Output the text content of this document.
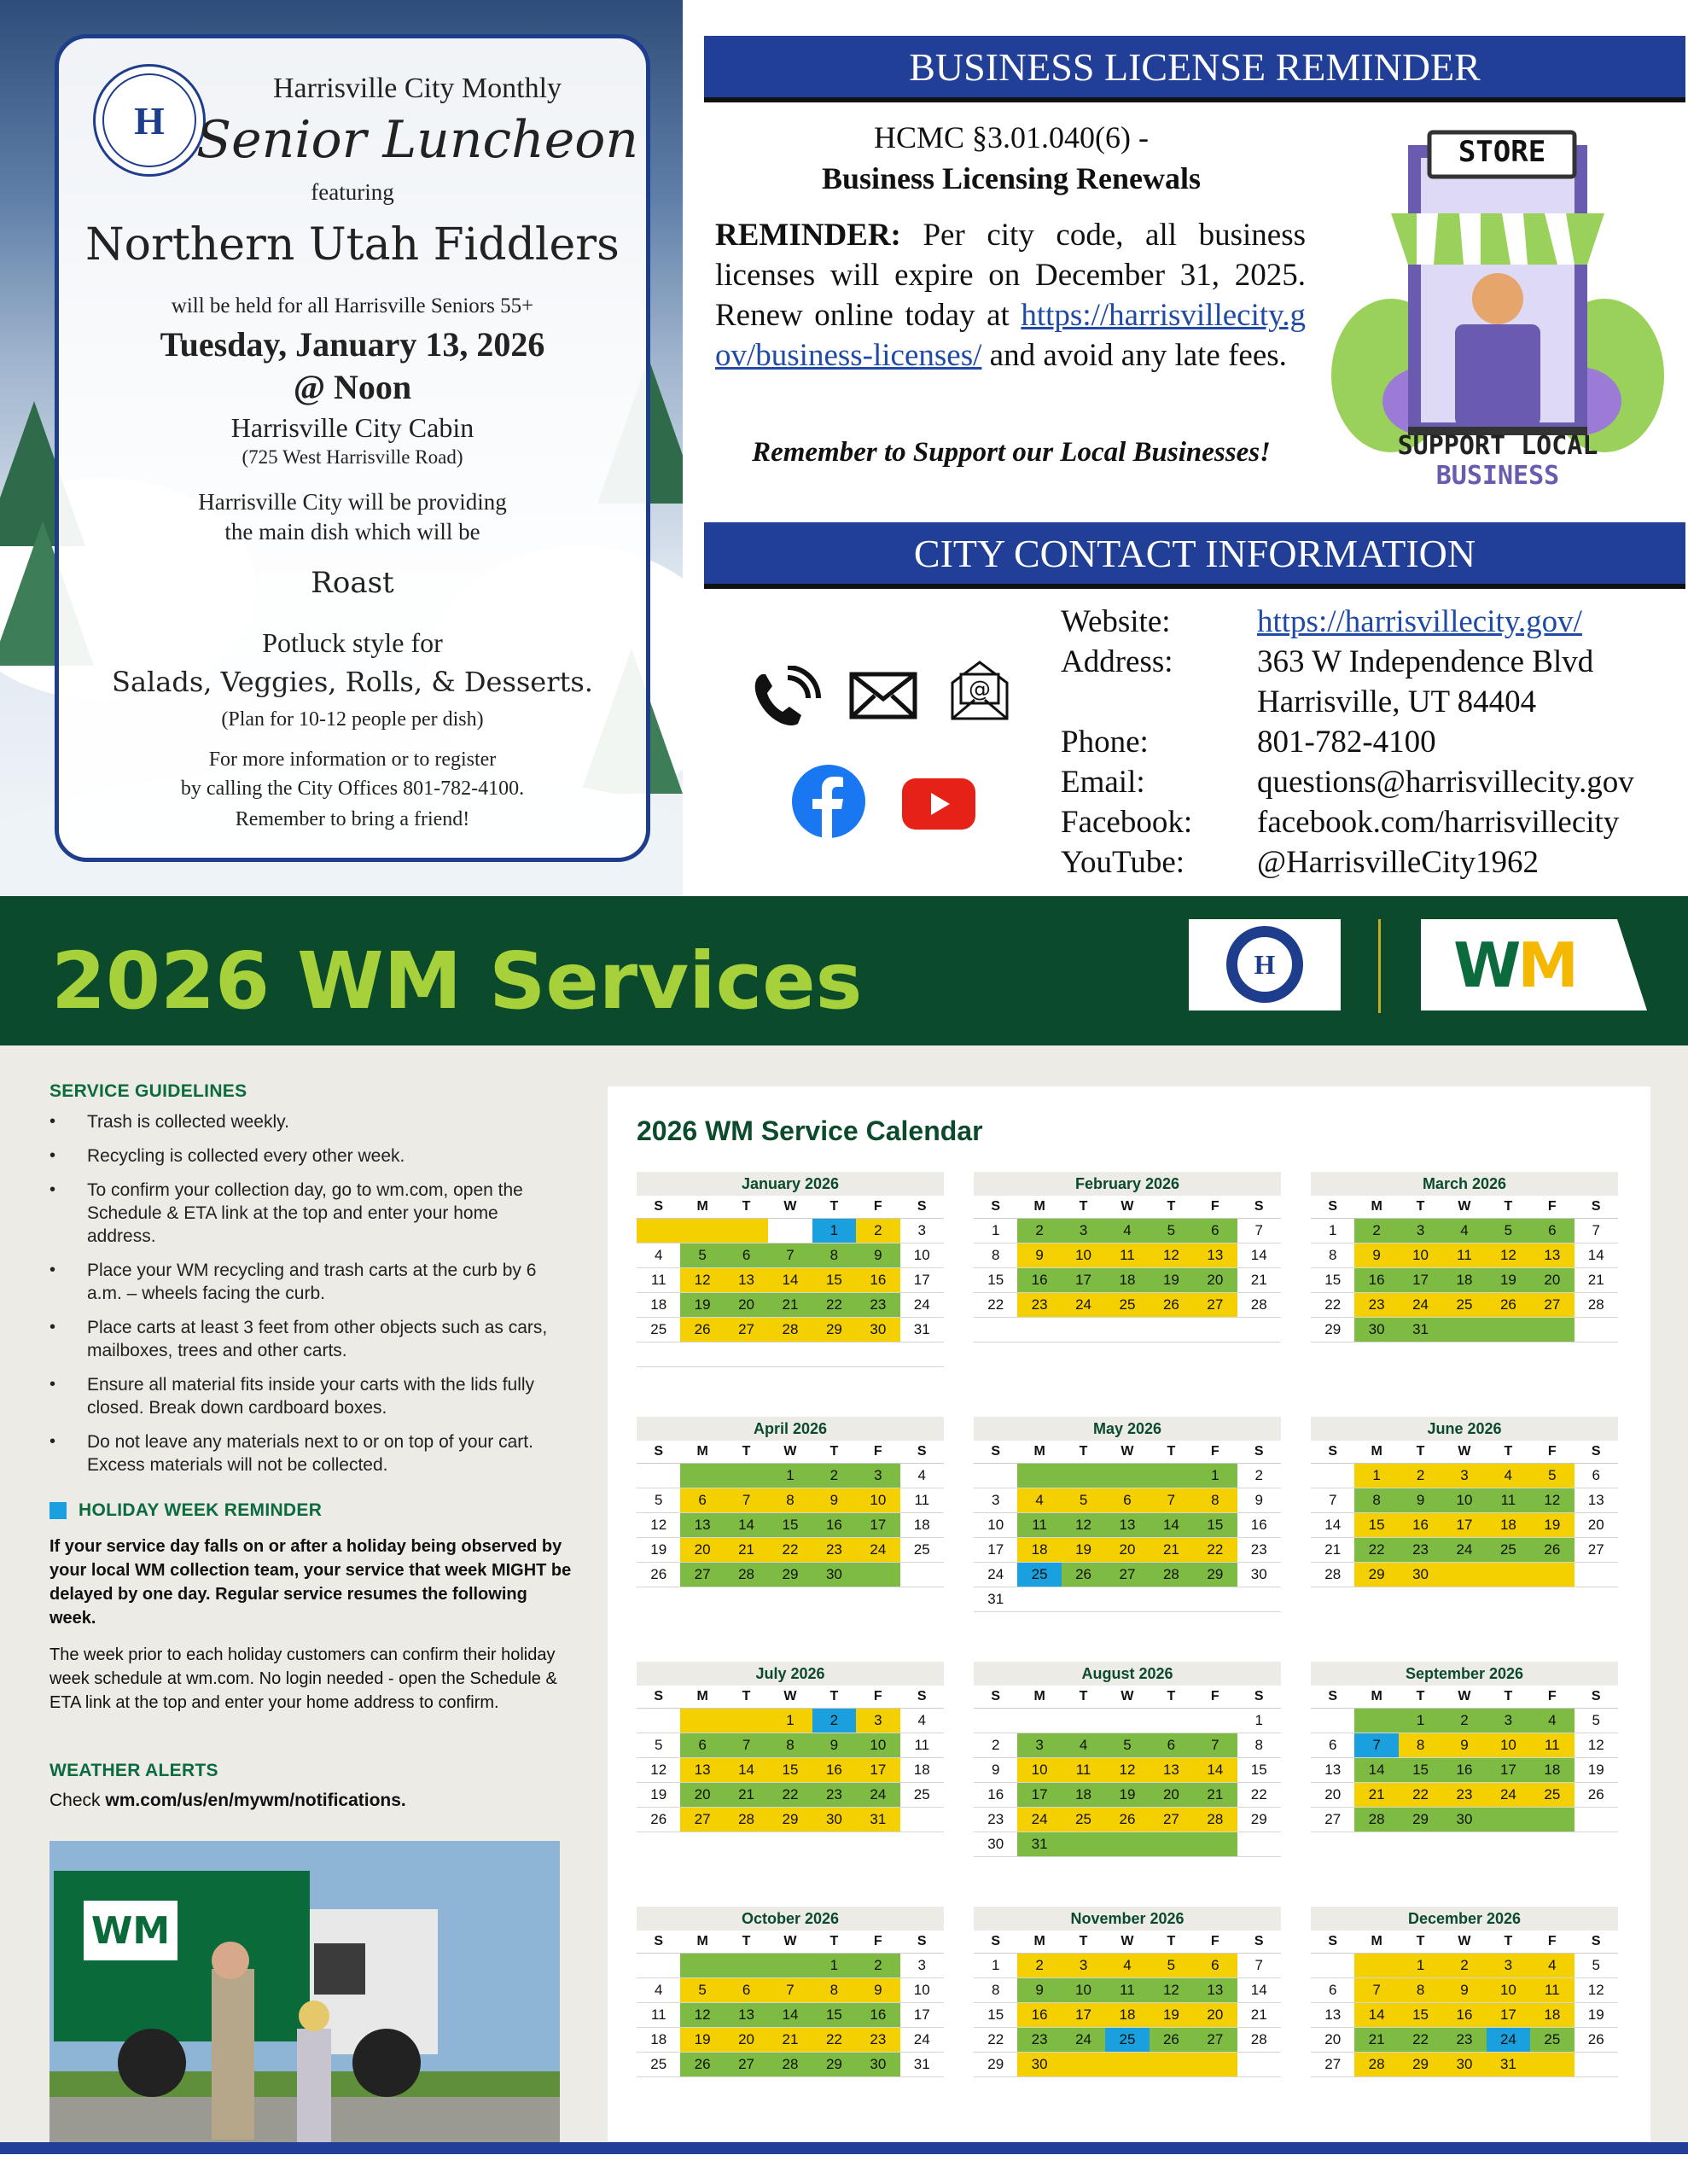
H
Harrisville City Monthly
Senior Luncheon
featuring
Northern Utah Fiddlers
will be held for all Harrisville Seniors 55+
Tuesday, January 13, 2026
@ Noon
Harrisville City Cabin
(725 West Harrisville Road)
Harrisville City will be providing
the main dish which will be
Roast
Potluck style for
Salads, Veggies, Rolls, & Desserts.
(Plan for 10-12 people per dish)
For more information or to register
by calling the City Offices 801-782-4100.
Remember to bring a friend!
BUSINESS LICENSE REMINDER
HCMC §3.01.040(6) -
Business Licensing Renewals
REMINDER: Per city code, all business licenses will expire on December 31, 2025. Renew online today at https://harrisvillecity.gov/business-licenses/ and avoid any late fees.
Remember to Support our Local Businesses!
STORE
SUPPORT LOCAL
BUSINESS
CITY CONTACT INFORMATION
@
Website:	https://harrisvillecity.gov/
Address:	363 W Independence Blvd
Harrisville, UT 84404
Phone:	801-782-4100
Email:	questions@harrisvillecity.gov
Facebook:	facebook.com/harrisvillecity
YouTube:	@HarrisvilleCity1962
2026 WM Services	H	WM
SERVICE GUIDELINES
• Trash is collected weekly.
• Recycling is collected every other week.
• To confirm your collection day, go to wm.com, open the Schedule & ETA link at the top and enter your home address.
• Place your WM recycling and trash carts at the curb by 6 a.m. – wheels facing the curb.
• Place carts at least 3 feet from other objects such as cars, mailboxes, trees and other carts.
• Ensure all material fits inside your carts with the lids fully closed. Break down cardboard boxes.
• Do not leave any materials next to or on top of your cart. Excess materials will not be collected.
HOLIDAY WEEK REMINDER
If your service day falls on or after a holiday being observed by your local WM collection team, your service that week MIGHT be delayed by one day. Regular service resumes the following week.
The week prior to each holiday customers can confirm their holiday week schedule at wm.com. No login needed - open the Schedule & ETA link at the top and enter your home address to confirm.
WEATHER ALERTS
Check wm.com/us/en/mywm/notifications.
WM
2026 WM Service Calendar
January 2026
S	M	T	W	T	F	S
				1	2	3
4	5	6	7	8	9	10
11	12	13	14	15	16	17
18	19	20	21	22	23	24
25	26	27	28	29	30	31

February 2026
S	M	T	W	T	F	S
1	2	3	4	5	6	7
8	9	10	11	12	13	14
15	16	17	18	19	20	21
22	23	24	25	26	27	28

March 2026
S	M	T	W	T	F	S
1	2	3	4	5	6	7
8	9	10	11	12	13	14
15	16	17	18	19	20	21
22	23	24	25	26	27	28
29	30	31				
April 2026
S	M	T	W	T	F	S
			1	2	3	4
5	6	7	8	9	10	11
12	13	14	15	16	17	18
19	20	21	22	23	24	25
26	27	28	29	30		
May 2026
S	M	T	W	T	F	S
					1	2
3	4	5	6	7	8	9
10	11	12	13	14	15	16
17	18	19	20	21	22	23
24	25	26	27	28	29	30
31						
June 2026
S	M	T	W	T	F	S
	1	2	3	4	5	6
7	8	9	10	11	12	13
14	15	16	17	18	19	20
21	22	23	24	25	26	27
28	29	30				
July 2026
S	M	T	W	T	F	S
			1	2	3	4
5	6	7	8	9	10	11
12	13	14	15	16	17	18
19	20	21	22	23	24	25
26	27	28	29	30	31	
August 2026
S	M	T	W	T	F	S
						1
2	3	4	5	6	7	8
9	10	11	12	13	14	15
16	17	18	19	20	21	22
23	24	25	26	27	28	29
30	31					
September 2026
S	M	T	W	T	F	S
		1	2	3	4	5
6	7	8	9	10	11	12
13	14	15	16	17	18	19
20	21	22	23	24	25	26
27	28	29	30			
October 2026
S	M	T	W	T	F	S
				1	2	3
4	5	6	7	8	9	10
11	12	13	14	15	16	17
18	19	20	21	22	23	24
25	26	27	28	29	30	31
November 2026
S	M	T	W	T	F	S
1	2	3	4	5	6	7
8	9	10	11	12	13	14
15	16	17	18	19	20	21
22	23	24	25	26	27	28
29	30					
December 2026
S	M	T	W	T	F	S
		1	2	3	4	5
6	7	8	9	10	11	12
13	14	15	16	17	18	19
20	21	22	23	24	25	26
27	28	29	30	31		
